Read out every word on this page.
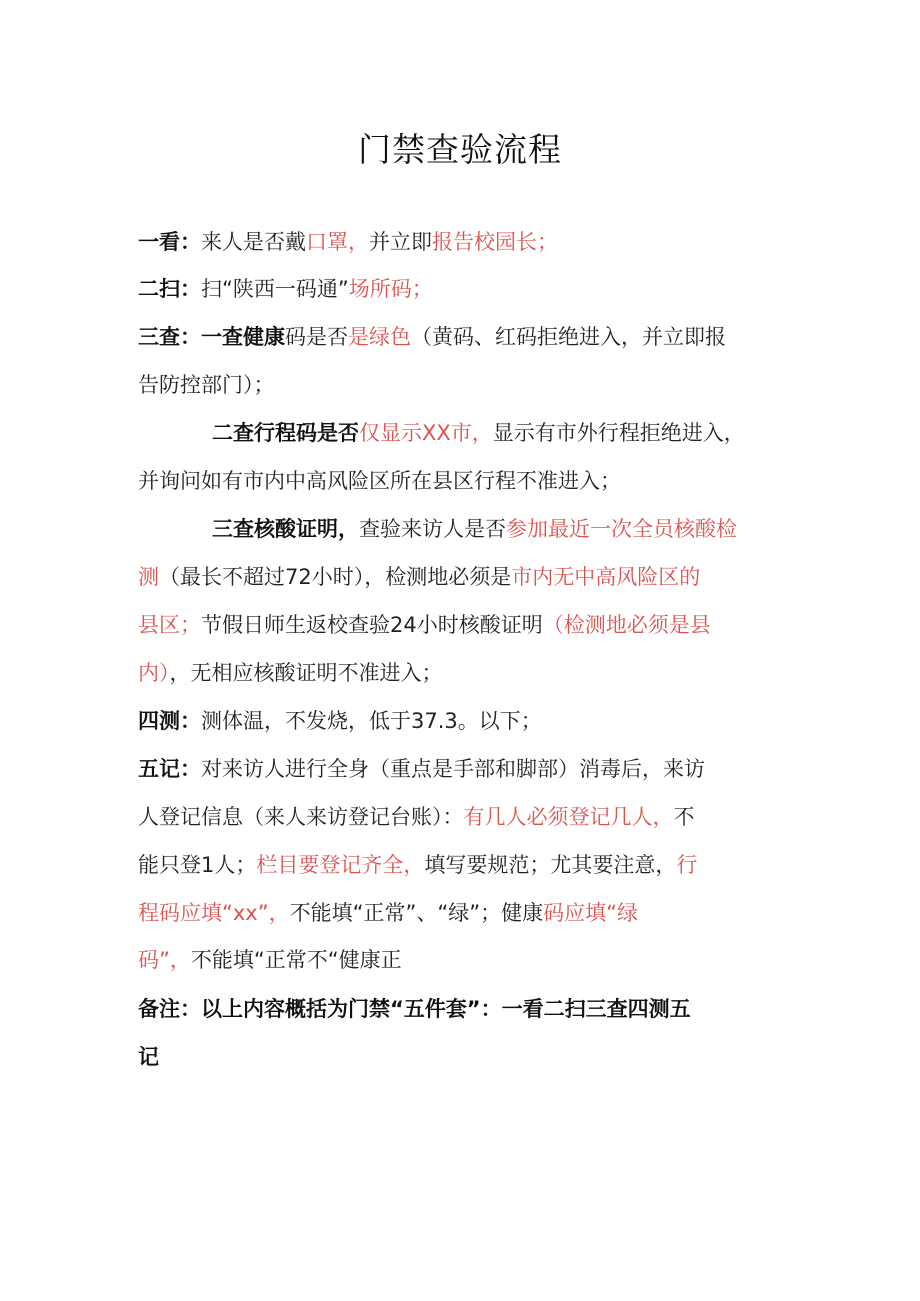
门禁查验流程
一看：来人是否戴口罩，并立即报告校园长；
二扫：扫“陕西一码通”场所码；
三查：一查健康码是否是绿色（黄码、红码拒绝进入，并立即报
告防控部门）；
二查行程码是否仅显示XX市，显示有市外行程拒绝进入，
并询问如有市内中高风险区所在县区行程不准进入；
三查核酸证明，查验来访人是否参加最近一次全员核酸检
测（最长不超过72小时），检测地必须是市内无中高风险区的
县区；节假日师生返校查验24小时核酸证明（检测地必须是县
内），无相应核酸证明不准进入；
四测：测体温，不发烧，低于37.3。以下；
五记：对来访人进行全身（重点是手部和脚部）消毒后，来访
人登记信息（来人来访登记台账）：有几人必须登记几人，不
能只登1人；栏目要登记齐全，填写要规范；尤其要注意，行
程码应填“xx”，不能填“正常”、“绿”；健康码应填“绿
码”，不能填“正常不“健康正
备注：以上内容概括为门禁“五件套”：一看二扫三查四测五
记
